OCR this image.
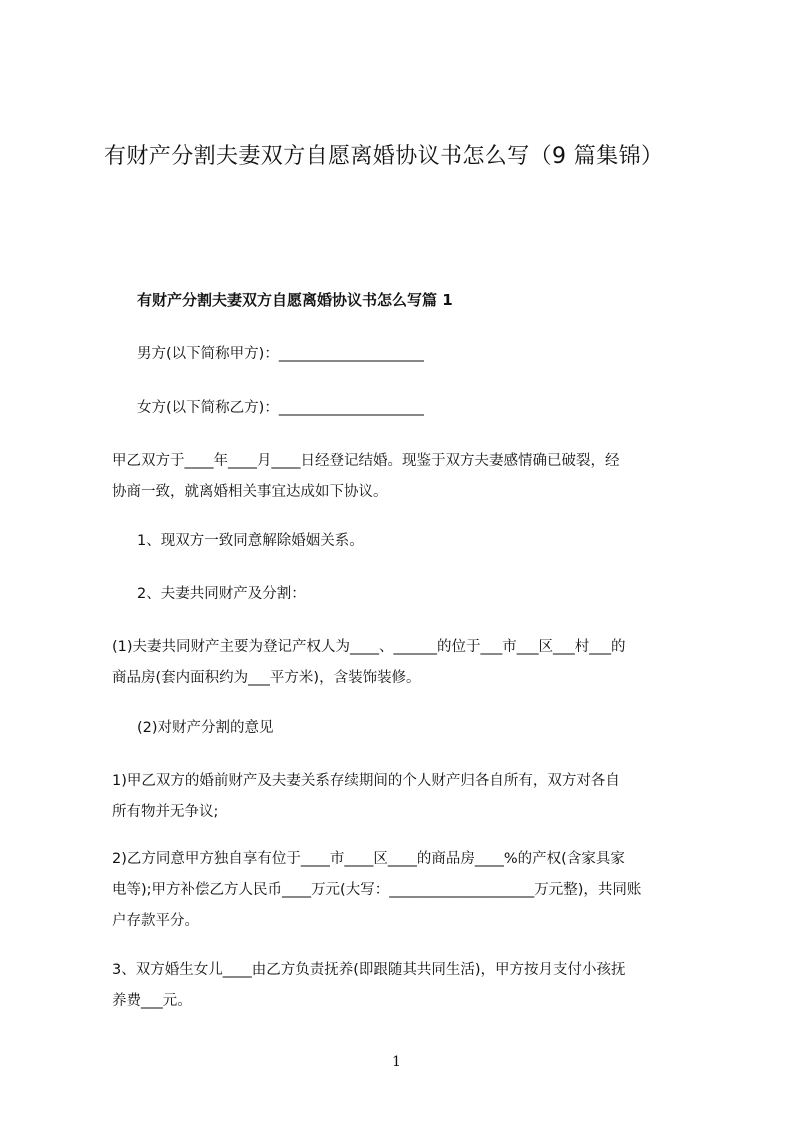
有财产分割夫妻双方自愿离婚协议书怎么写（9 篇集锦）
有财产分割夫妻双方自愿离婚协议书怎么写篇 1
男方(以下简称甲方)：____________________
女方(以下简称乙方)：____________________
甲乙双方于____年____月____日经登记结婚。现鉴于双方夫妻感情确已破裂，经
协商一致，就离婚相关事宜达成如下协议。
1、现双方一致同意解除婚姻关系。
2、夫妻共同财产及分割：
(1)夫妻共同财产主要为登记产权人为____、______的位于___市___区___村___的
商品房(套内面积约为___平方米)，含装饰装修。
(2)对财产分割的意见
1)甲乙双方的婚前财产及夫妻关系存续期间的个人财产归各自所有，双方对各自
所有物并无争议;
2)乙方同意甲方独自享有位于____市____区____的商品房____%的产权(含家具家
电等);甲方补偿乙方人民币____万元(大写：____________________万元整)，共同账
户存款平分。
3、双方婚生女儿____由乙方负责抚养(即跟随其共同生活)，甲方按月支付小孩抚
养费___元。
1
